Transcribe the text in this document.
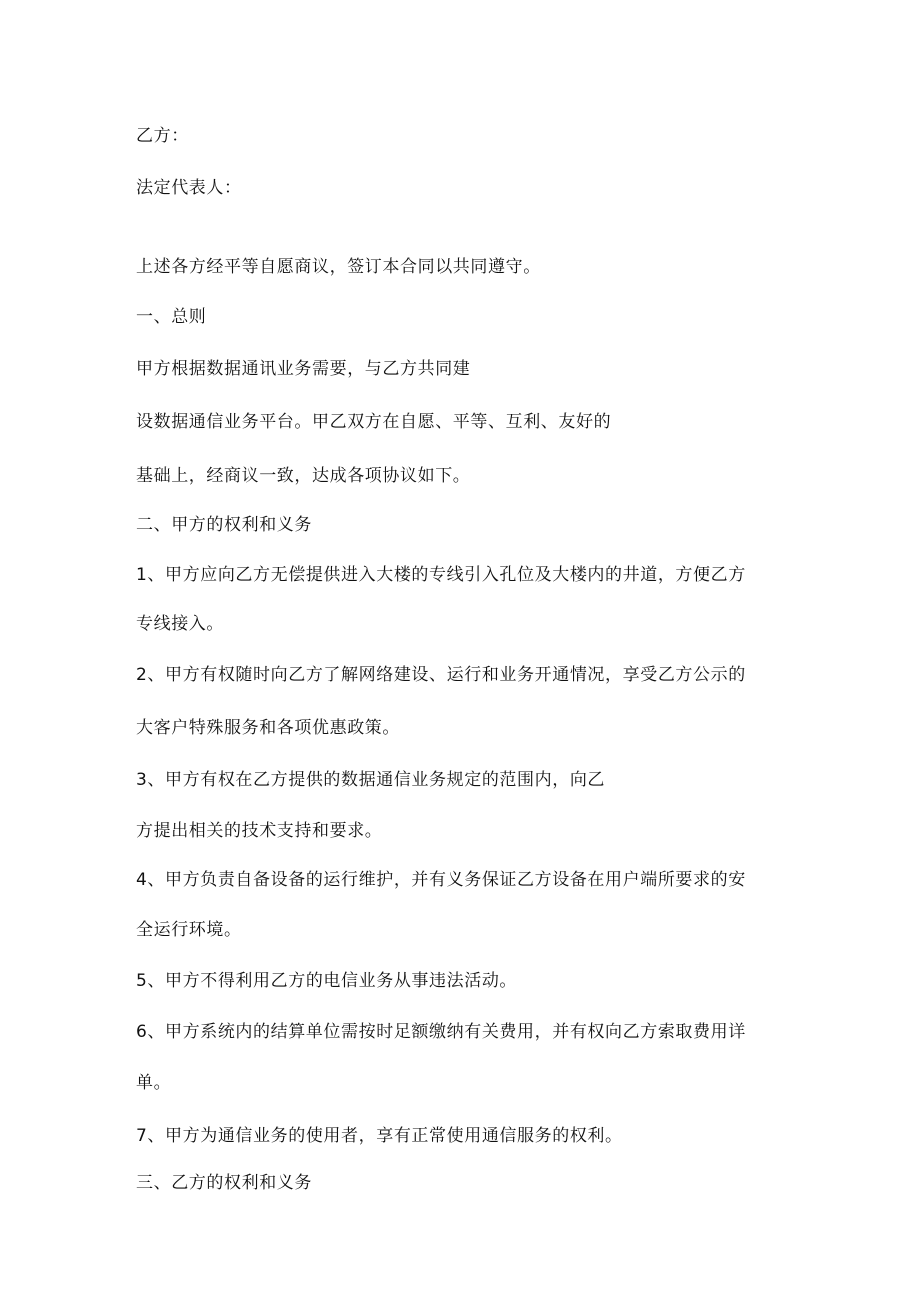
乙方：
法定代表人：
上述各方经平等自愿商议，签订本合同以共同遵守。
一、总则
甲方根据数据通讯业务需要，与乙方共同建
设数据通信业务平台。甲乙双方在自愿、平等、互利、友好的
基础上，经商议一致，达成各项协议如下。
二、甲方的权利和义务
1、甲方应向乙方无偿提供进入大楼的专线引入孔位及大楼内的井道，方便乙方
专线接入。
2、甲方有权随时向乙方了解网络建设、运行和业务开通情况，享受乙方公示的
大客户特殊服务和各项优惠政策。
3、甲方有权在乙方提供的数据通信业务规定的范围内，向乙
方提出相关的技术支持和要求。
4、甲方负责自备设备的运行维护，并有义务保证乙方设备在用户端所要求的安
全运行环境。
5、甲方不得利用乙方的电信业务从事违法活动。
6、甲方系统内的结算单位需按时足额缴纳有关费用，并有权向乙方索取费用详
单。
7、甲方为通信业务的使用者，享有正常使用通信服务的权利。
三、乙方的权利和义务
